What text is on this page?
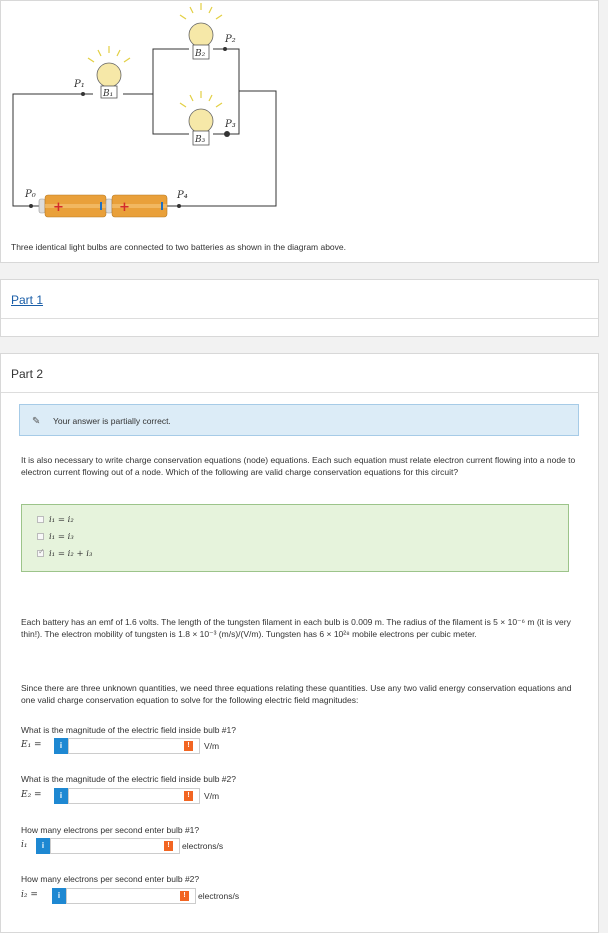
P₀
P₁
P₂
P₃
P₄
B₁
B₂
B₃
+	+
Three identical light bulbs are connected to two batteries as shown in the diagram above.
Part 1
Part 2
✎ Your answer is partially correct.
It is also necessary to write charge conservation equations (node) equations. Each such equation must relate electron current flowing into a node to electron current flowing out of a node. Which of the following are valid charge conservation equations for this circuit?
i₁ = i₂
i₁ = i₃
✓i₁ = i₂ + i₃
Each battery has an emf of 1.6 volts. The length of the tungsten filament in each bulb is 0.009 m. The radius of the filament is 5 × 10⁻⁶ m (it is very thin!). The electron mobility of tungsten is 1.8 × 10⁻³ (m/s)/(V/m). Tungsten has 6 × 10²⁸ mobile electrons per cubic meter.
Since there are three unknown quantities, we need three equations relating these quantities. Use any two valid energy conservation equations and one valid charge conservation equation to solve for the following electric field magnitudes:
What is the magnitude of the electric field inside bulb #1?
E₁ =	i	!	V/m
What is the magnitude of the electric field inside bulb #2?
E₂ =	i	!	V/m
How many electrons per second enter bulb #1?
i₁	i	!	electrons/s
How many electrons per second enter bulb #2?
i₂ =	i	!	electrons/s
